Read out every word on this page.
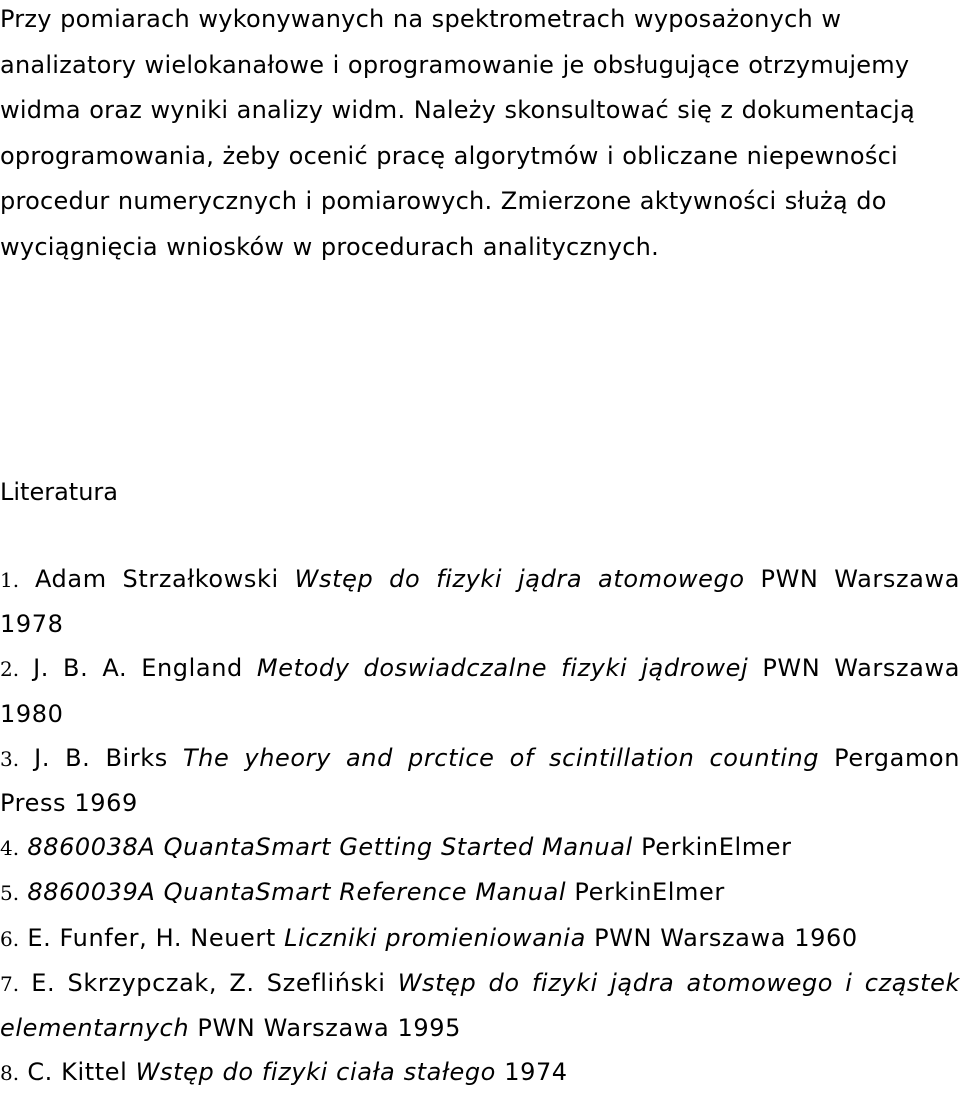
Przy pomiarach wykonywanych na spektrometrach wyposażonych w
analizatory wielokanałowe i oprogramowanie je obsługujące otrzymujemy
widma oraz wyniki analizy widm. Należy skonsultować się z dokumentacją
oprogramowania, żeby ocenić pracę algorytmów i obliczane niepewności
procedur numerycznych i pomiarowych. Zmierzone aktywności służą do
wyciągnięcia wniosków w procedurach analitycznych.

Literatura
1. Adam Strzałkowski Wstęp do fizyki jądra atomowego PWN Warszawa
1978
2. J. B. A. England Metody doswiadczalne fizyki jądrowej PWN Warszawa
1980
3. J. B. Birks The yheory and prctice of scintillation counting Pergamon
Press 1969
4. 8860038A QuantaSmart Getting Started Manual PerkinElmer
5. 8860039A QuantaSmart Reference Manual PerkinElmer
6. E. Funfer, H. Neuert Liczniki promieniowania PWN Warszawa 1960
7. E. Skrzypczak, Z. Szefliński Wstęp do fizyki jądra atomowego i cząstek
elementarnych PWN Warszawa 1995
8. C. Kittel Wstęp do fizyki ciała stałego 1974
